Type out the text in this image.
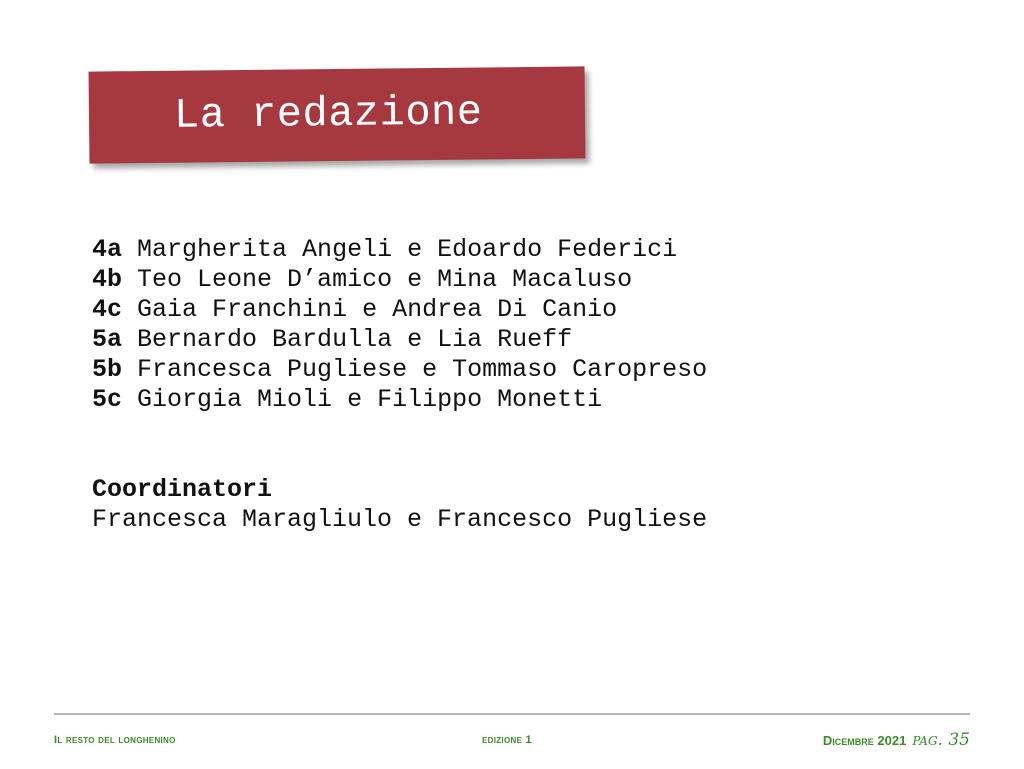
La redazione
4a Margherita Angeli e Edoardo Federici
4b Teo Leone D’amico e Mina Macaluso
4c Gaia Franchini e Andrea Di Canio
5a Bernardo Bardulla e Lia Rueff
5b Francesca Pugliese e Tommaso Caropreso
5c Giorgia Mioli e Filippo Monetti
Coordinatori
Francesca Maragliulo e Francesco Pugliese
Il resto del longhenino	edizione 1	Dicembre 2021 pag. 35
